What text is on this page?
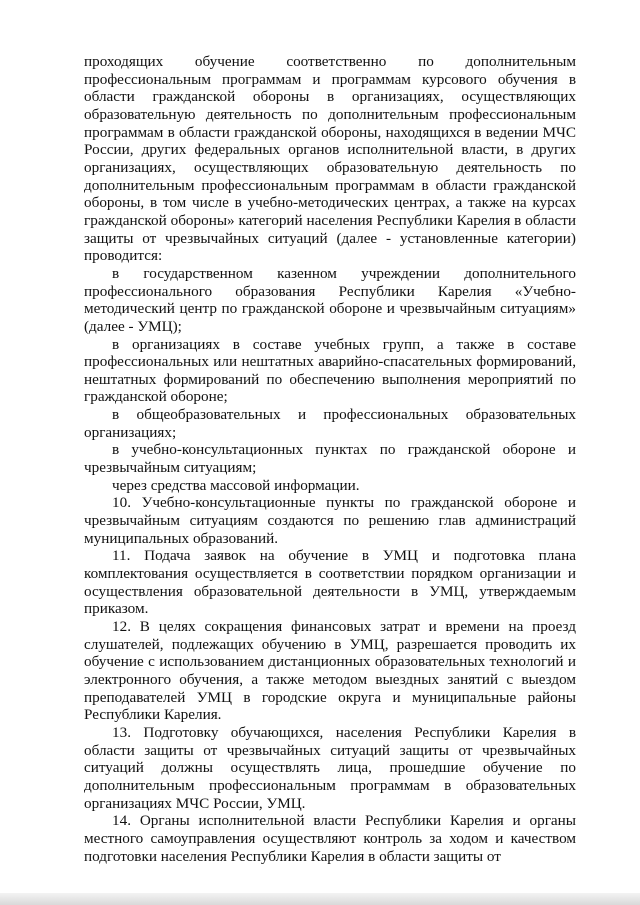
проходящих обучение соответственно по дополнительным профессиональным программам и программам курсового обучения в области гражданской обороны в организациях, осуществляющих образовательную деятельность по дополнительным профессиональным программам в области гражданской обороны, находящихся в ведении МЧС России, других федеральных органов исполнительной власти, в других организациях, осуществляющих образовательную деятельность по дополнительным профессиональным программам в области гражданской обороны, в том числе в учебно-методических центрах, а также на курсах гражданской обороны» категорий населения Республики Карелия в области защиты от чрезвычайных ситуаций (далее - установленные категории) проводится:

в государственном казенном учреждении дополнительного профессионального образования Республики Карелия «Учебно-методический центр по гражданской обороне и чрезвычайным ситуациям» (далее - УМЦ);

в организациях в составе учебных групп, а также в составе профессиональных или нештатных аварийно-спасательных формирований, нештатных формирований по обеспечению выполнения мероприятий по гражданской обороне;

в общеобразовательных и профессиональных образовательных организациях;

в учебно-консультационных пунктах по гражданской обороне и чрезвычайным ситуациям;

через средства массовой информации.

10. Учебно-консультационные пункты по гражданской обороне и чрезвычайным ситуациям создаются по решению глав администраций муниципальных образований.

11. Подача заявок на обучение в УМЦ и подготовка плана комплектования осуществляется в соответствии порядком организации и осуществления образовательной деятельности в УМЦ, утверждаемым приказом.

12. В целях сокращения финансовых затрат и времени на проезд слушателей, подлежащих обучению в УМЦ, разрешается проводить их обучение с использованием дистанционных образовательных технологий и электронного обучения, а также методом выездных занятий с выездом преподавателей УМЦ в городские округа и муниципальные районы Республики Карелия.

13. Подготовку обучающихся, населения Республики Карелия в области защиты от чрезвычайных ситуаций защиты от чрезвычайных ситуаций должны осуществлять лица, прошедшие обучение по дополнительным профессиональным программам в образовательных организациях МЧС России, УМЦ.

14. Органы исполнительной власти Республики Карелия и органы местного самоуправления осуществляют контроль за ходом и качеством подготовки населения Республики Карелия в области защиты от
